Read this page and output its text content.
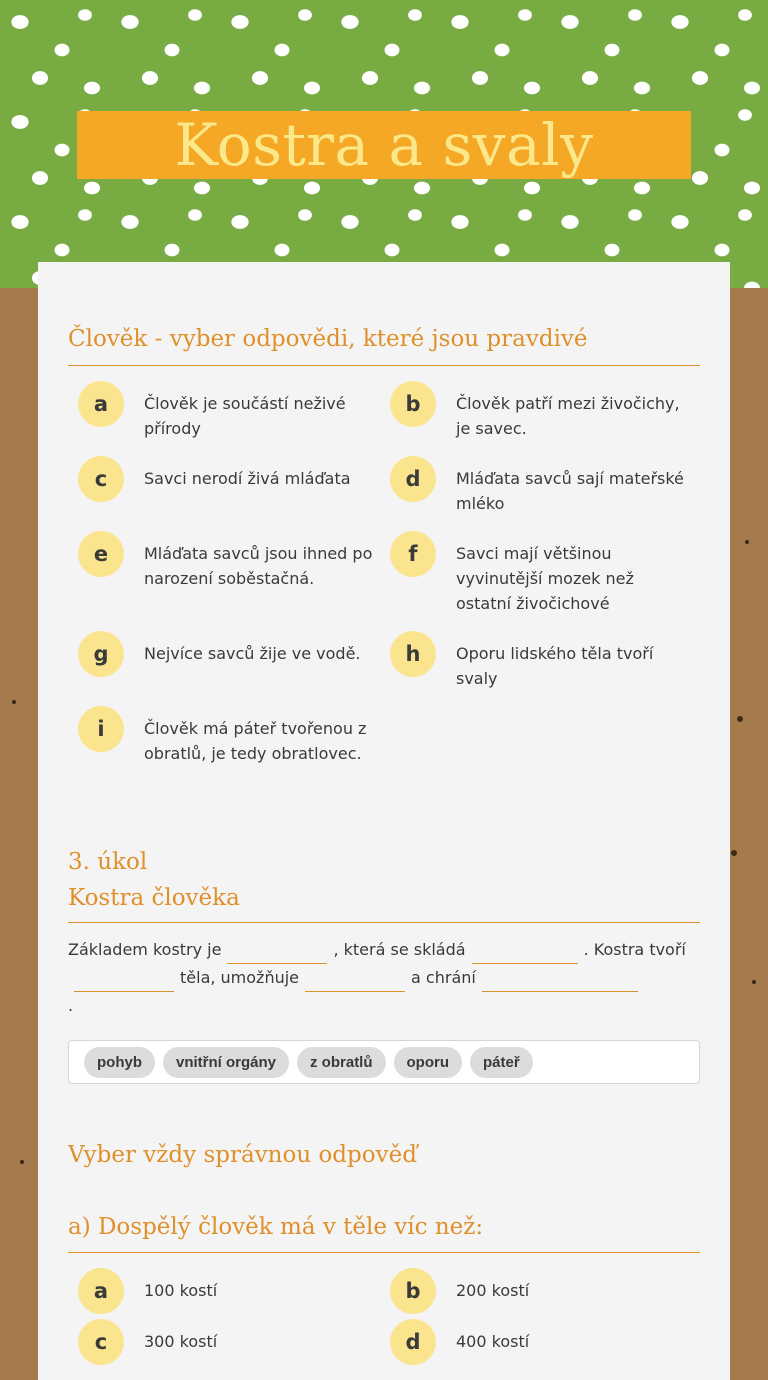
Kostra a svaly
Člověk - vyber odpovědi, které jsou pravdivé
a	Člověk je součástí neživé přírody
b	Člověk patří mezi živočichy, je savec.
c	Savci nerodí živá mláďata	d	Mláďata savců sají mateřské mléko
e	Mláďata savců jsou ihned po narození soběstačná.
f	Savci mají většinou vyvinutější mozek než ostatní živočichové
g	Nejvíce savců žije ve vodě.	h	Oporu lidského těla tvoří svaly
i	Člověk má páteř tvořenou z obratlů, je tedy obratlovec.
3. úkol
Kostra člověka
Základem kostry je	, která se skládá	. Kostra tvořítěla, umožňuje	a chrání
.
pohyb	vnitřní orgány	z obratlů	oporu	páteř
Vyber vždy správnou odpověď
a) Dospělý člověk má v těle víc než:
a	100 kostí	b	200 kostí
c	300 kostí	d	400 kostí
